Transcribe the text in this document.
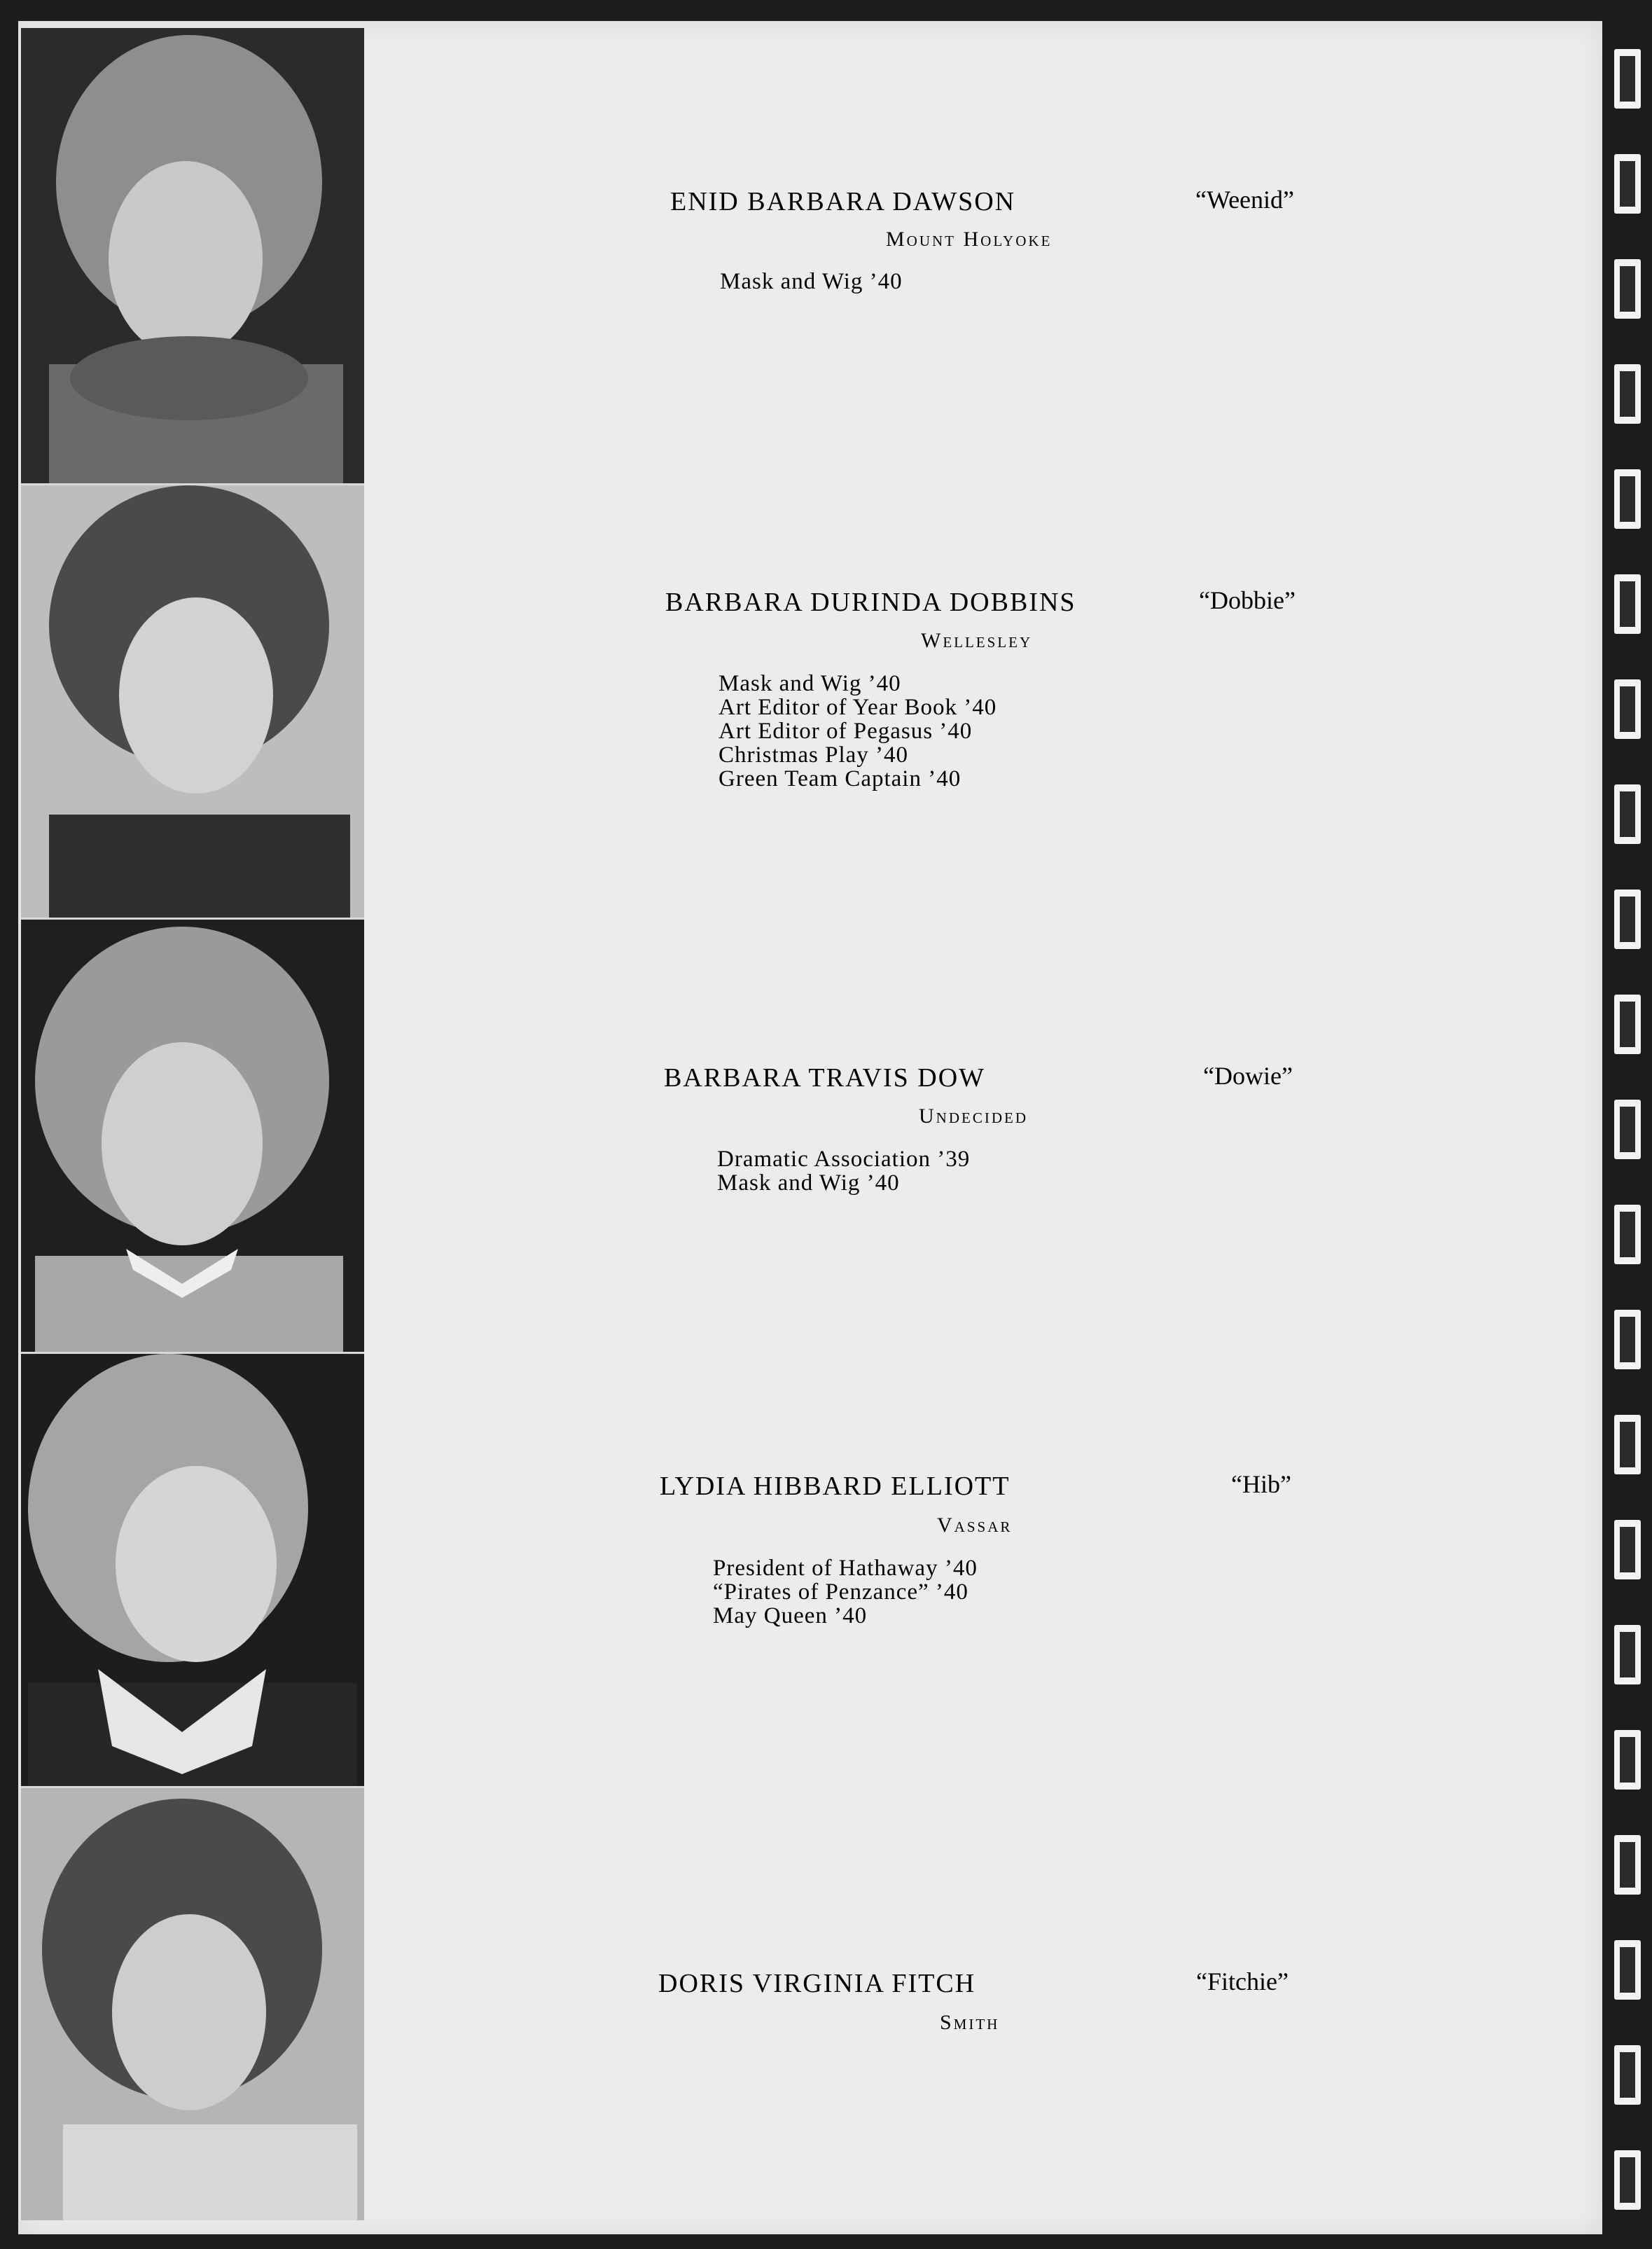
ENID BARBARA DAWSON	“Weenid”
Mount Holyoke
Mask and Wig ’40
BARBARA DURINDA DOBBINS	“Dobbie”
Wellesley
Mask and Wig ’40
Art Editor of Year Book ’40
Art Editor of Pegasus ’40
Christmas Play ’40
Green Team Captain ’40
BARBARA TRAVIS DOW	“Dowie”
Undecided
Dramatic Association ’39
Mask and Wig ’40
LYDIA HIBBARD ELLIOTT	“Hib”
Vassar
President of Hathaway ’40
“Pirates of Penzance” ’40
May Queen ’40
DORIS VIRGINIA FITCH	“Fitchie”
Smith
